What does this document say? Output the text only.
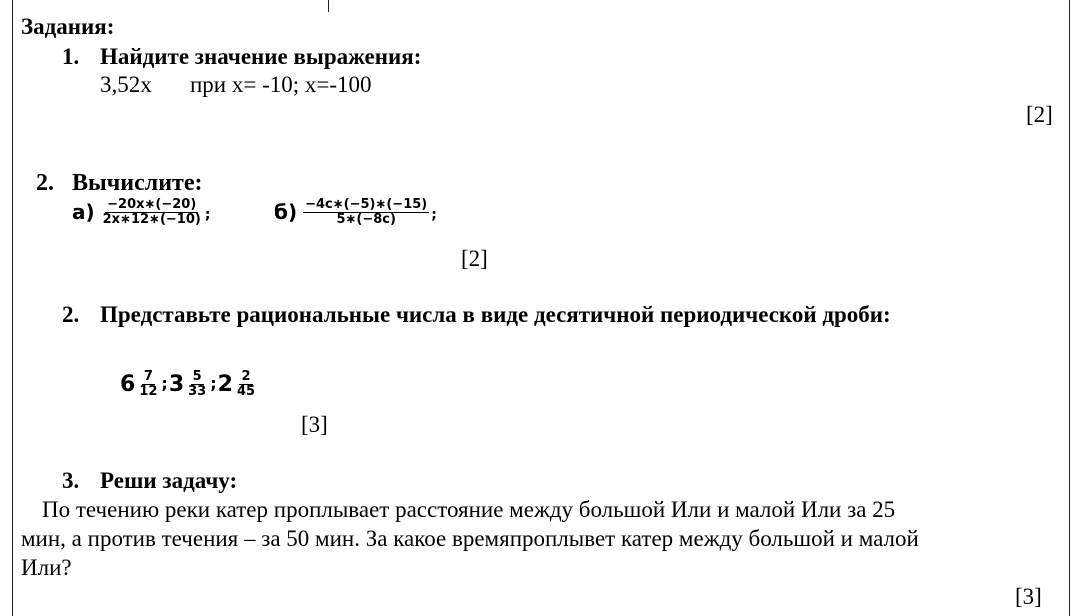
Задания:
1. Найдите значение выражения:
3,52x при x= -10; x=-100
[2]
2. Вычислите:
$а) \frac{-20x∗(-20)}{2x∗12∗(-10)}$ ;	$б) \frac{-4c∗(-5)∗(-15)}{5∗(-8c)}$ ;
[2]
2. Представьте рациональные числа в виде десятичной периодической дроби:
$6 \frac{7}{12}$ ; $3 \frac{5}{33}$ ; $2 \frac{2}{45}$
[3]
3. Реши задачу:
По течению реки катер проплывает расстояние между большой Или и малой Или за 25
мин, а против течения – за 50 мин. За какое времяпроплывет катер между большой и малой
Или?
[3]
